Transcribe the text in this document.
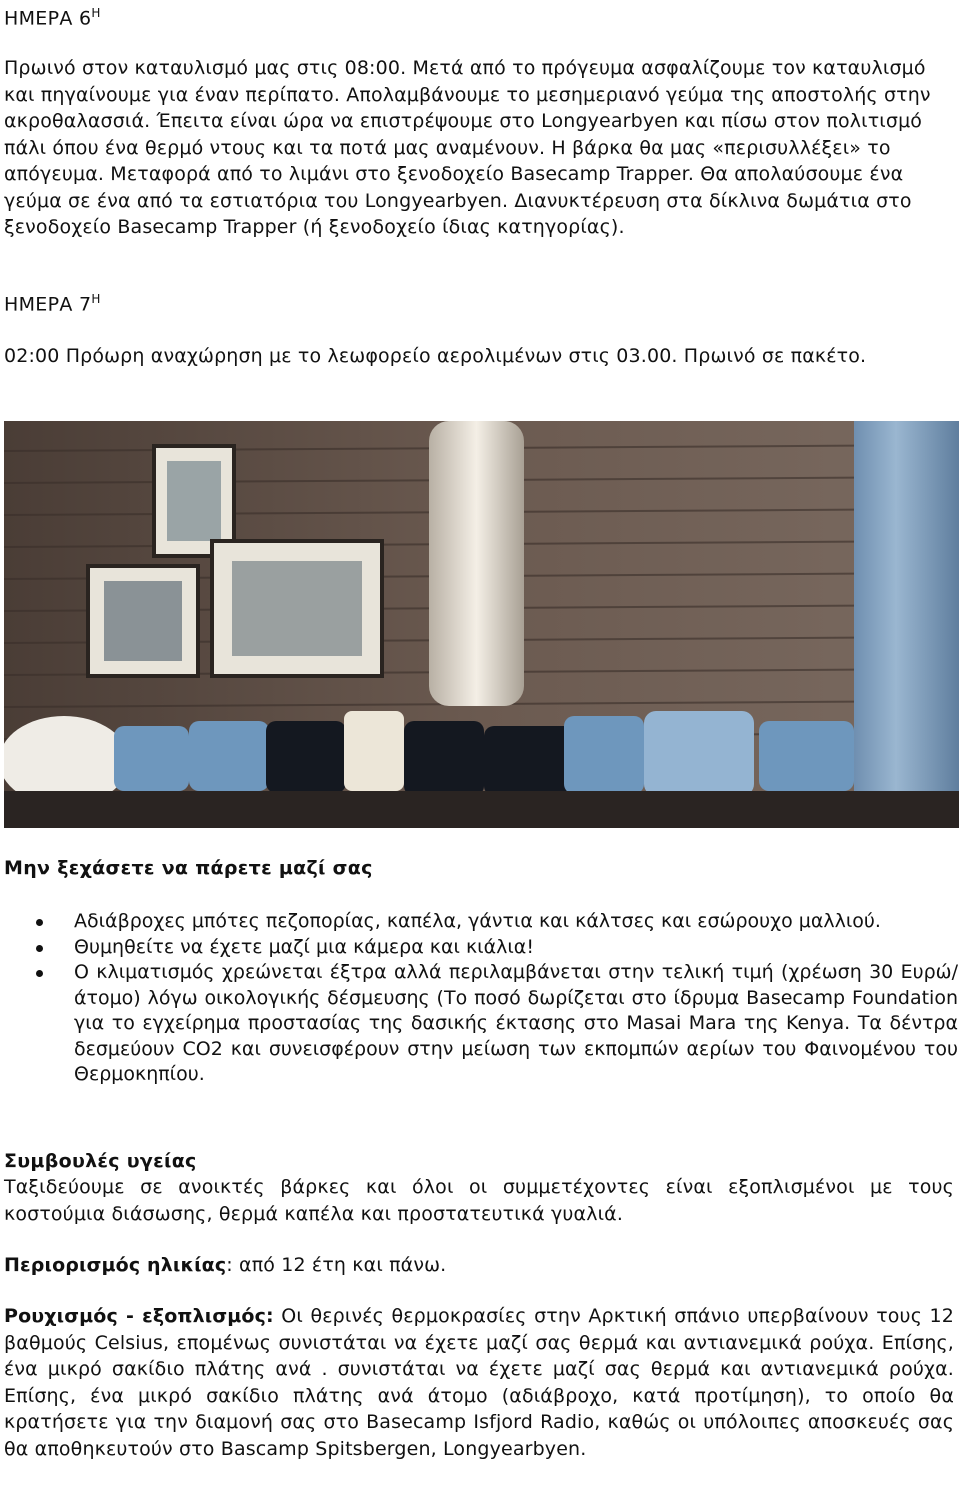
ΗΜΕΡΑ $6^H$
Πρωινό στον καταυλισμό μας στις 08:00. Μετά από το πρόγευμα ασφαλίζουμε τον καταυλισμό και πηγαίνουμε για έναν περίπατο. Απολαμβάνουμε το μεσημεριανό γεύμα της αποστολής στην ακροθαλασσιά. Έπειτα είναι ώρα να επιστρέψουμε στο Longyearbyen και πίσω στον πολιτισμό πάλι όπου ένα θερμό ντους και τα ποτά μας αναμένουν. Η βάρκα θα μας «περισυλλέξει» το απόγευμα. Μεταφορά από το λιμάνι στο ξενοδοχείο Basecamp Trapper. Θα απολαύσουμε ένα γεύμα σε ένα από τα εστιατόρια του Longyearbyen. Διανυκτέρευση στα δίκλινα δωμάτια στο ξενοδοχείο Basecamp Trapper (ή ξενοδοχείο ίδιας κατηγορίας).
ΗΜΕΡΑ $7^H$
02:00 Πρόωρη αναχώρηση με το λεωφορείο αερολιμένων στις 03.00. Πρωινό σε πακέτο.
Μην ξεχάσετε να πάρετε μαζί σας
Αδιάβροχες μπότες πεζοπορίας, καπέλα, γάντια και κάλτσες και εσώρουχο μαλλιού.
Θυμηθείτε να έχετε μαζί μια κάμερα και κιάλια!
Ο κλιματισμός χρεώνεται έξτρα αλλά περιλαμβάνεται στην τελική τιμή (χρέωση 30 Ευρώ/ άτομο) λόγω οικολογικής δέσμευσης (Το ποσό δωρίζεται στο ίδρυμα Basecamp Foundation για το εγχείρημα προστασίας της δασικής έκτασης στο Masai Mara της Kenya. Τα δέντρα δεσμεύουν CO2 και συνεισφέρουν στην μείωση των εκπομπών αερίων του Φαινομένου του Θερμοκηπίου.
Συμβουλές υγείας
Ταξιδεύουμε σε ανοικτές βάρκες και όλοι οι συμμετέχοντες είναι εξοπλισμένοι με τους κοστούμια διάσωσης, θερμά καπέλα και προστατευτικά γυαλιά.
Περιορισμός ηλικίας: από 12 έτη και πάνω.
Ρουχισμός - εξοπλισμός: Οι θερινές θερμοκρασίες στην Αρκτική σπάνιο υπερβαίνουν τους 12 βαθμούς Celsius, επομένως συνιστάται να έχετε μαζί σας θερμά και αντιανεμικά ρούχα. Επίσης, ένα μικρό σακίδιο πλάτης ανά . συνιστάται να έχετε μαζί σας θερμά και αντιανεμικά ρούχα. Επίσης, ένα μικρό σακίδιο πλάτης ανά άτομο (αδιάβροχο, κατά προτίμηση), το οποίο θα κρατήσετε για την διαμονή σας στο Basecamp Isfjord Radio, καθώς οι υπόλοιπες αποσκευές σας θα αποθηκευτούν στο Bascamp Spitsbergen, Longyearbyen.
